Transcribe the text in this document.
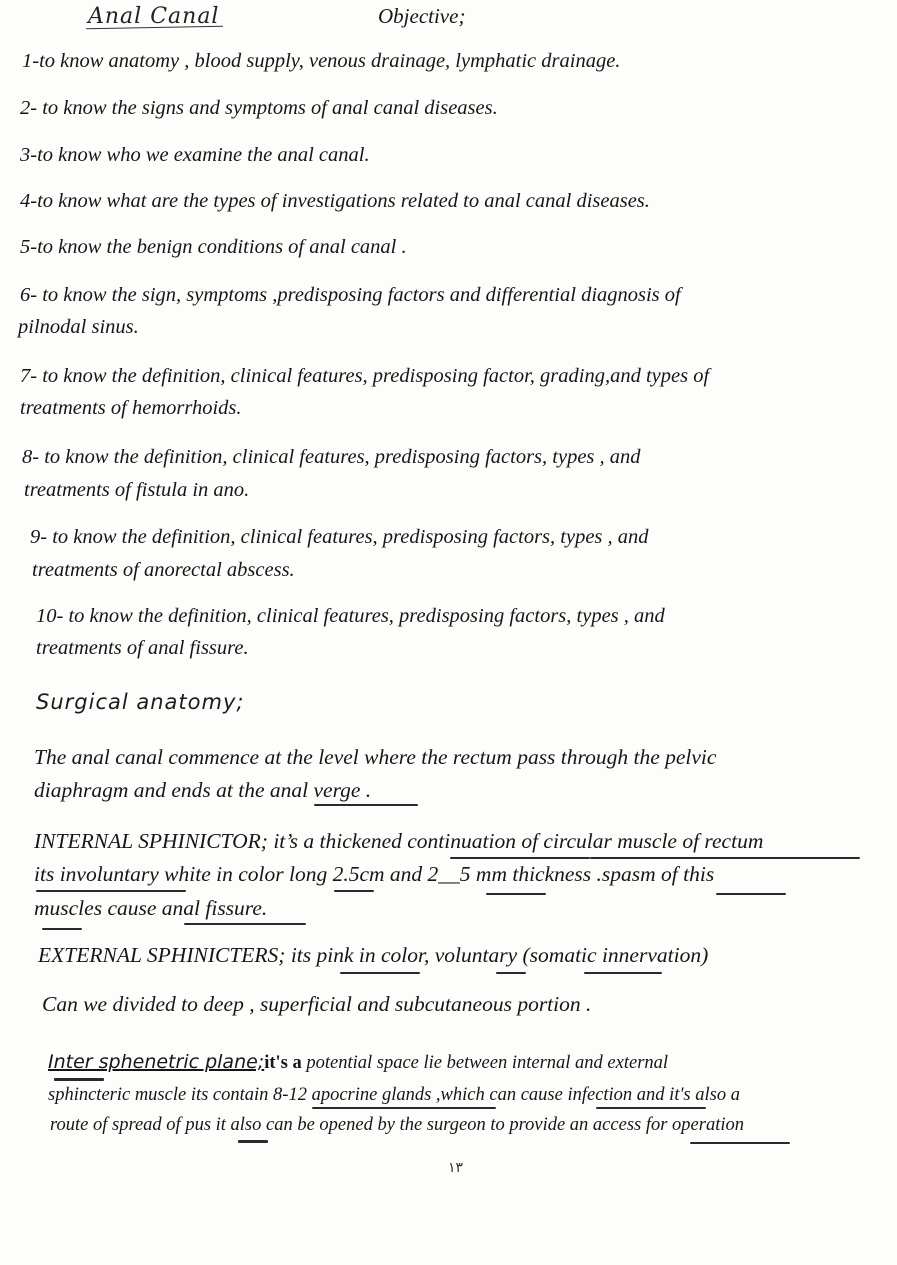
Anal Canal	Objective;

1-to know anatomy , blood supply, venous drainage, lymphatic drainage.

2- to know the signs and symptoms of anal canal diseases.

3-to know who we examine the anal canal.

4-to know what are the types of investigations related to anal canal diseases.

5-to know the benign conditions of anal canal .

6- to know the sign, symptoms ,predisposing factors and differential diagnosis of

pilnodal sinus.

7- to know the definition, clinical features, predisposing factor, grading,and types of

treatments of hemorrhoids.

8- to know the definition, clinical features, predisposing factors, types , and

treatments of fistula in ano.

9- to know the definition, clinical features, predisposing factors, types , and

treatments of anorectal abscess.

10- to know the definition, clinical features, predisposing factors, types , and

treatments of anal fissure.

Surgical anatomy;

The anal canal commence at the level where the rectum pass through the pelvic

diaphragm and ends at the anal verge .

INTERNAL SPHINICTOR; it’s a thickened continuation of circular muscle of rectum

its involuntary white in color long 2.5cm and 2__5 mm thickness .spasm of this

muscles cause anal fissure.

EXTERNAL SPHINICTERS; its pink in color, voluntary (somatic innervation)

Can we divided to deep , superficial and subcutaneous portion .

Inter sphenetric plane;it's a potential space lie between internal and external

sphincteric muscle its contain 8-12 apocrine glands ,which can cause infection and it's also a

route of spread of pus it also can be opened by the surgeon to provide an access for operation

١٣
